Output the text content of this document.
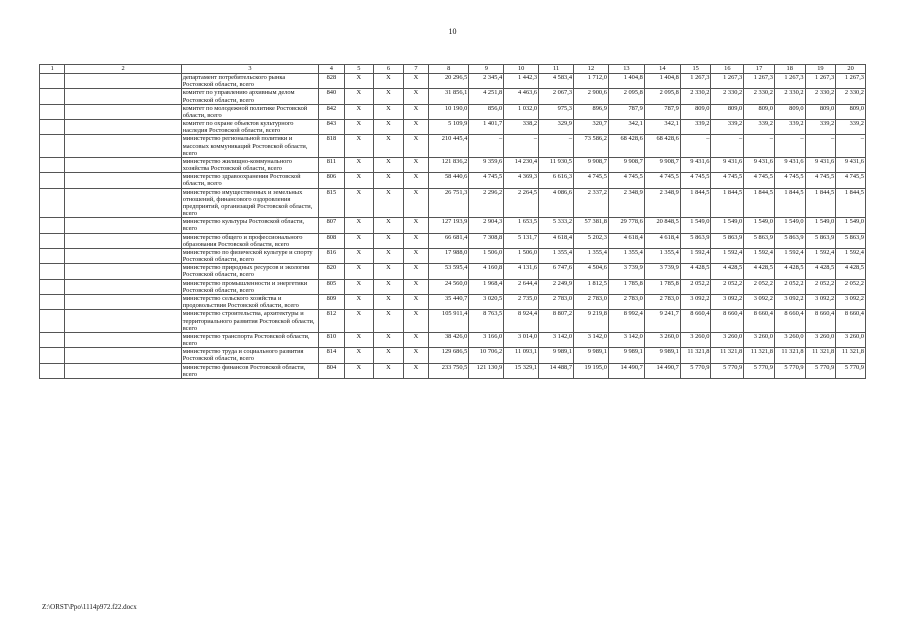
10
1	2	3	4	5	6	7	8	9	10	11	12	13	14	15	16	17	18	19	20
		департамент потребительского рынка Ростовской области, всего	828	X	X	X	20 296,5	2 345,4	1 442,3	4 583,4	1 712,0	1 404,8	1 404,8	1 267,3	1 267,3	1 267,3	1 267,3	1 267,3	1 267,3
		комитет по управлению архивным делом Ростовской области, всего	840	X	X	X	31 856,1	4 251,8	4 463,6	2 067,3	2 900,6	2 095,8	2 095,8	2 330,2	2 330,2	2 330,2	2 330,2	2 330,2	2 330,2
		комитет по молодежной политике Ростовской области, всего	842	X	X	X	10 190,0	856,0	1 032,0	975,3	896,9	787,9	787,9	809,0	809,0	809,0	809,0	809,0	809,0
		комитет по охране объектов культурного наследия Ростовской области, всего	843	X	X	X	5 109,9	1 401,7	338,2	329,9	320,7	342,1	342,1	339,2	339,2	339,2	339,2	339,2	339,2
		министерство региональной политики и массовых коммуникаций Ростовской области, всего	818	X	X	X	210 445,4	–	–	–	73 586,2	68 428,6	68 428,6	–	–	–	–	–	–
		министерство жилищно-коммунального хозяйства Ростовской области, всего	811	X	X	X	121 836,2	9 359,6	14 230,4	11 930,5	9 908,7	9 908,7	9 908,7	9 431,6	9 431,6	9 431,6	9 431,6	9 431,6	9 431,6
		министерство здравоохранения Ростовской области, всего	806	X	X	X	58 440,6	4 745,5	4 369,3	6 616,3	4 745,5	4 745,5	4 745,5	4 745,5	4 745,5	4 745,5	4 745,5	4 745,5	4 745,5
		министерство имущественных и земельных отношений, финансового оздоровления предприятий, организаций Ростовской области, всего	815	X	X	X	26 751,3	2 296,2	2 264,5	4 086,6	2 337,2	2 348,9	2 348,9	1 844,5	1 844,5	1 844,5	1 844,5	1 844,5	1 844,5
		министерство культуры Ростовской области, всего	807	X	X	X	127 193,9	2 904,3	1 653,5	5 333,2	57 381,8	29 778,6	20 848,5	1 549,0	1 549,0	1 549,0	1 549,0	1 549,0	1 549,0
		министерство общего и профессионального образования Ростовской области, всего	808	X	X	X	66 681,4	7 308,8	5 131,7	4 618,4	5 202,3	4 618,4	4 618,4	5 863,9	5 863,9	5 863,9	5 863,9	5 863,9	5 863,9
		министерство по физической культуре и спорту Ростовской области, всего	816	X	X	X	17 988,0	1 506,0	1 506,0	1 355,4	1 355,4	1 355,4	1 355,4	1 592,4	1 592,4	1 592,4	1 592,4	1 592,4	1 592,4
		министерство природных ресурсов и экологии Ростовской области, всего	820	X	X	X	53 595,4	4 160,8	4 131,6	6 747,6	4 504,6	3 739,9	3 739,9	4 428,5	4 428,5	4 428,5	4 428,5	4 428,5	4 428,5
		министерство промышленности и энергетики Ростовской области, всего	805	X	X	X	24 560,0	1 968,4	2 644,4	2 249,9	1 812,5	1 785,8	1 785,8	2 052,2	2 052,2	2 052,2	2 052,2	2 052,2	2 052,2
		министерство сельского хозяйства и продовольствия Ростовской области, всего	809	X	X	X	35 440,7	3 020,5	2 735,0	2 783,0	2 783,0	2 783,0	2 783,0	3 092,2	3 092,2	3 092,2	3 092,2	3 092,2	3 092,2
		министерство строительства, архитектуры и территориального развития Ростовской области, всего	812	X	X	X	105 911,4	8 763,5	8 924,4	8 807,2	9 219,8	8 992,4	9 241,7	8 660,4	8 660,4	8 660,4	8 660,4	8 660,4	8 660,4
		министерство транспорта Ростовской области, всего	810	X	X	X	38 426,0	3 166,0	3 014,0	3 142,0	3 142,0	3 142,0	3 260,0	3 260,0	3 260,0	3 260,0	3 260,0	3 260,0	3 260,0
		министерство труда и социального развития Ростовской области, всего	814	X	X	X	129 686,5	10 706,2	11 093,1	9 989,1	9 989,1	9 989,1	9 989,1	11 321,8	11 321,8	11 321,8	11 321,8	11 321,8	11 321,8
		министерство финансов Ростовской области, всего	804	X	X	X	233 750,5	121 130,9	15 329,1	14 488,7	19 195,0	14 490,7	14 490,7	5 770,9	5 770,9	5 770,9	5 770,9	5 770,9	5 770,9
Z:\ORST\Ppo\1114p972.f22.docx
